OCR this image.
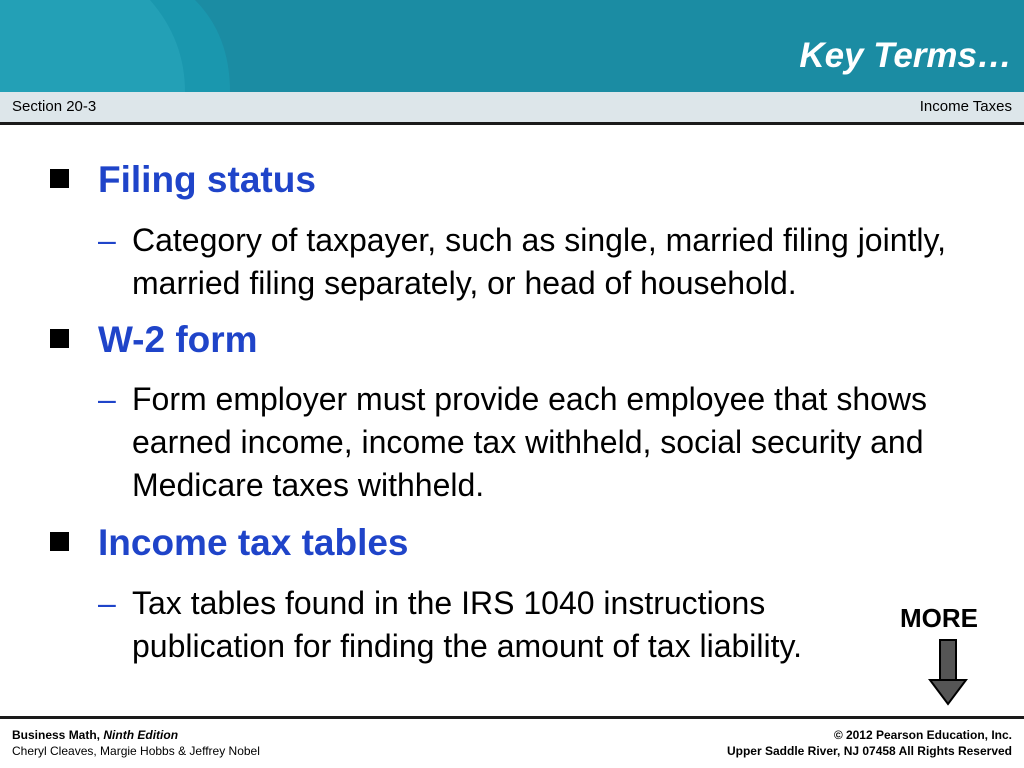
Key Terms…
Section 20-3	Income Taxes
Filing status
– Category of taxpayer, such as single, married filing jointly, married filing separately, or head of household.
W-2 form
– Form employer must provide each employee that shows earned income, income tax withheld, social security and Medicare taxes withheld.
Income tax tables
– Tax tables found in the IRS 1040 instructions publication for finding the amount of tax liability.
MORE
Business Math, Ninth Edition
Cheryl Cleaves, Margie Hobbs & Jeffrey Nobel
© 2012 Pearson Education, Inc.
Upper Saddle River, NJ 07458 All Rights Reserved
